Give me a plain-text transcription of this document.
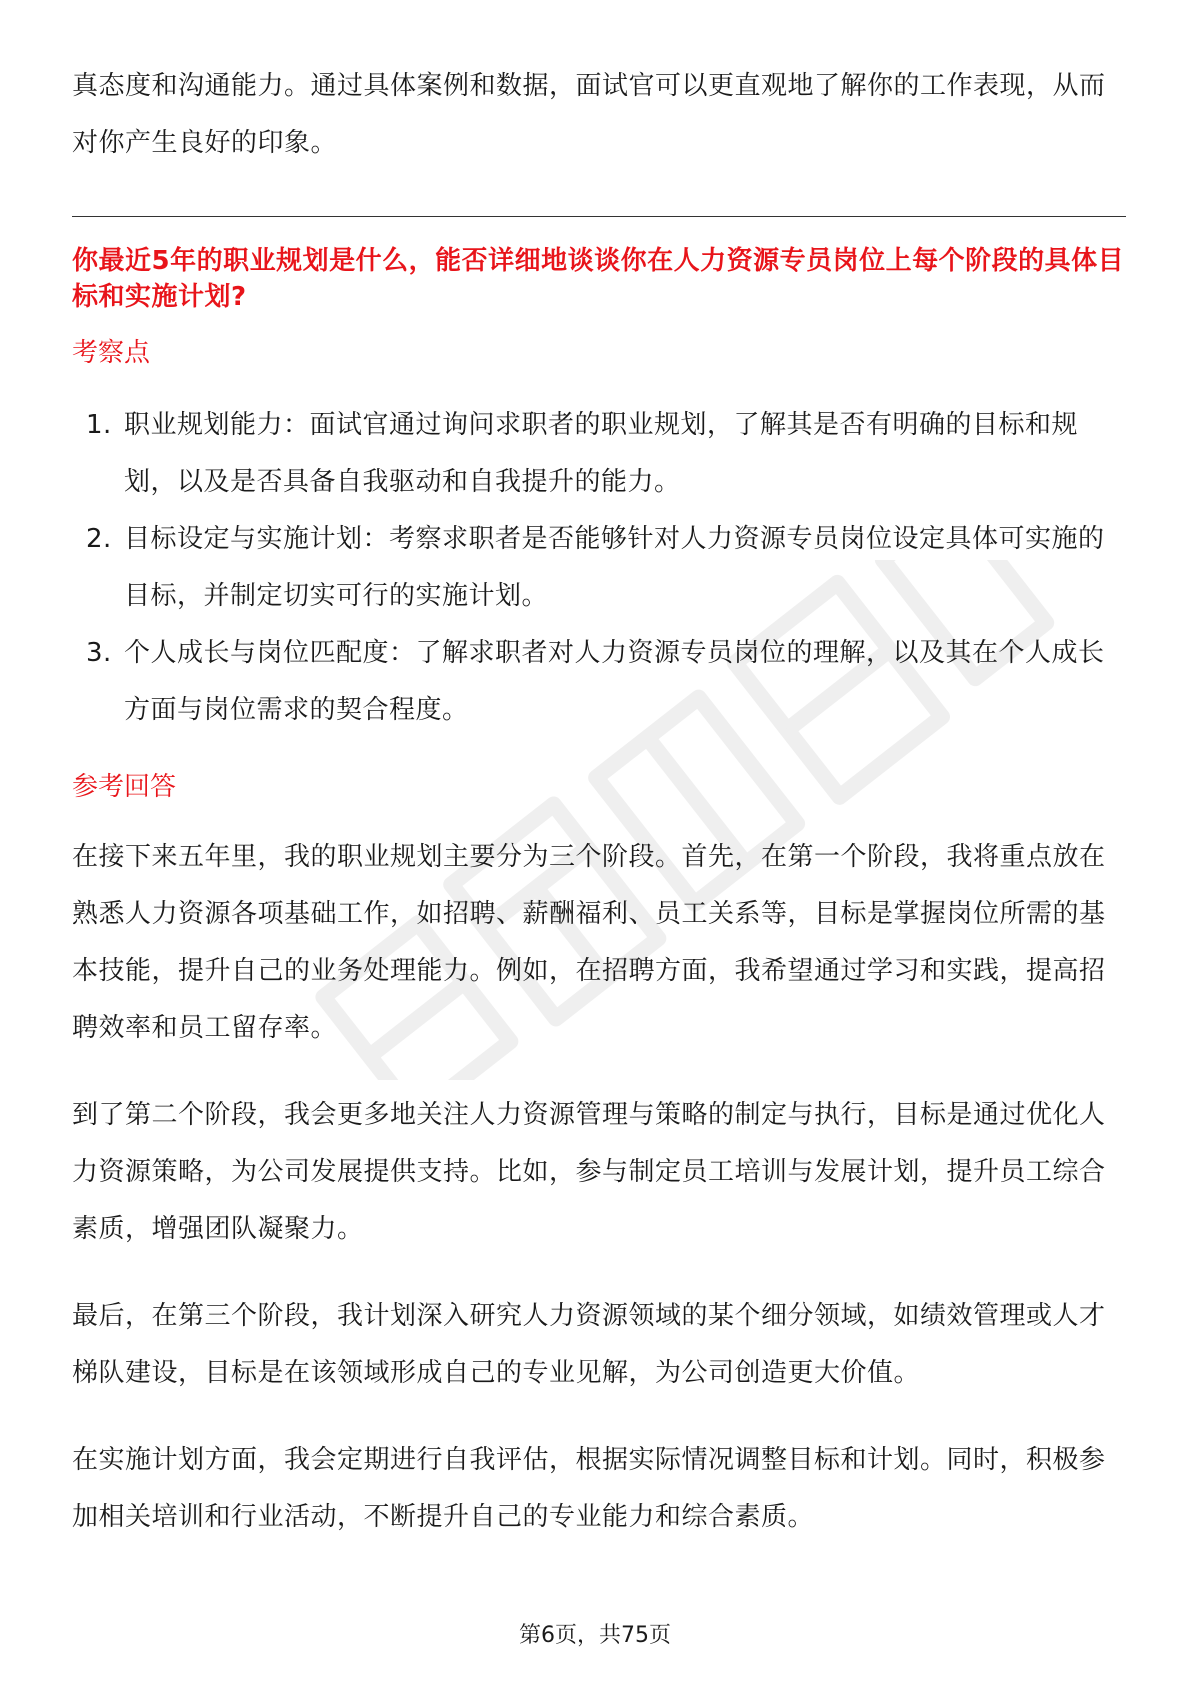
真态度和沟通能力。通过具体案例和数据，面试官可以更直观地了解你的工作表现，从而对你产生良好的印象。

你最近5年的职业规划是什么，能否详细地谈谈你在人力资源专员岗位上每个阶段的具体目标和实施计划?

考察点

1. 职业规划能力：面试官通过询问求职者的职业规划，了解其是否有明确的目标和规划，以及是否具备自我驱动和自我提升的能力。
2. 目标设定与实施计划：考察求职者是否能够针对人力资源专员岗位设定具体可实施的目标，并制定切实可行的实施计划。
3. 个人成长与岗位匹配度：了解求职者对人力资源专员岗位的理解，以及其在个人成长方面与岗位需求的契合程度。

参考回答

在接下来五年里，我的职业规划主要分为三个阶段。首先，在第一个阶段，我将重点放在熟悉人力资源各项基础工作，如招聘、薪酬福利、员工关系等，目标是掌握岗位所需的基本技能，提升自己的业务处理能力。例如，在招聘方面，我希望通过学习和实践，提高招聘效率和员工留存率。

到了第二个阶段，我会更多地关注人力资源管理与策略的制定与执行，目标是通过优化人力资源策略，为公司发展提供支持。比如，参与制定员工培训与发展计划，提升员工综合素质，增强团队凝聚力。

最后，在第三个阶段，我计划深入研究人力资源领域的某个细分领域，如绩效管理或人才梯队建设，目标是在该领域形成自己的专业见解，为公司创造更大价值。

在实施计划方面，我会定期进行自我评估，根据实际情况调整目标和计划。同时，积极参加相关培训和行业活动，不断提升自己的专业能力和综合素质。

第6页，共75页
